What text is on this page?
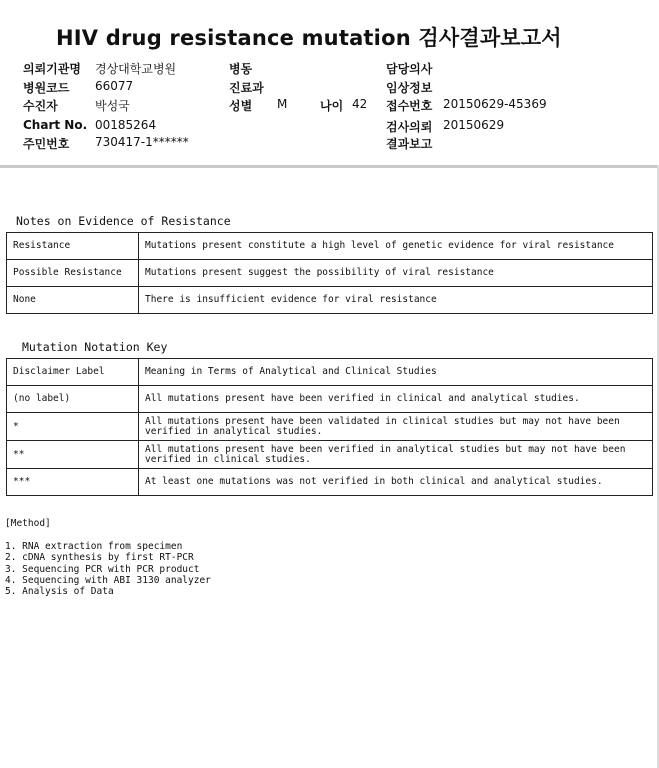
HIV drug resistance mutation 검사결과보고서
의뢰기관명 경상대학교병원	병동	담당의사
병원코드 66077	진료과	임상정보
수진자	박성국	성별 M	나이 42 접수번호 20150629-45369
Chart No. 00185264	검사의뢰 20150629
주민번호 730417-1******	결과보고
Notes on Evidence of Resistance
Resistance	Mutations present constitute a high level of genetic evidence for viral resistance
Possible Resistance	Mutations present suggest the possibility of viral resistance
None	There is insufficient evidence for viral resistance
Mutation Notation Key
Disclaimer Label	Meaning in Terms of Analytical and Clinical Studies
(no label)	All mutations present have been verified in clinical and analytical studies.
*	All mutations present have been validated in clinical studies but may not have been verified in analytical studies.
**	All mutations present have been verified in analytical studies but may not have been verified in clinical studies.
***	At least one mutations was not verified in both clinical and analytical studies.
[Method]
1. RNA extraction from specimen
2. cDNA synthesis by first RT-PCR
3. Sequencing PCR with PCR product
4. Sequencing with ABI 3130 analyzer
5. Analysis of Data
